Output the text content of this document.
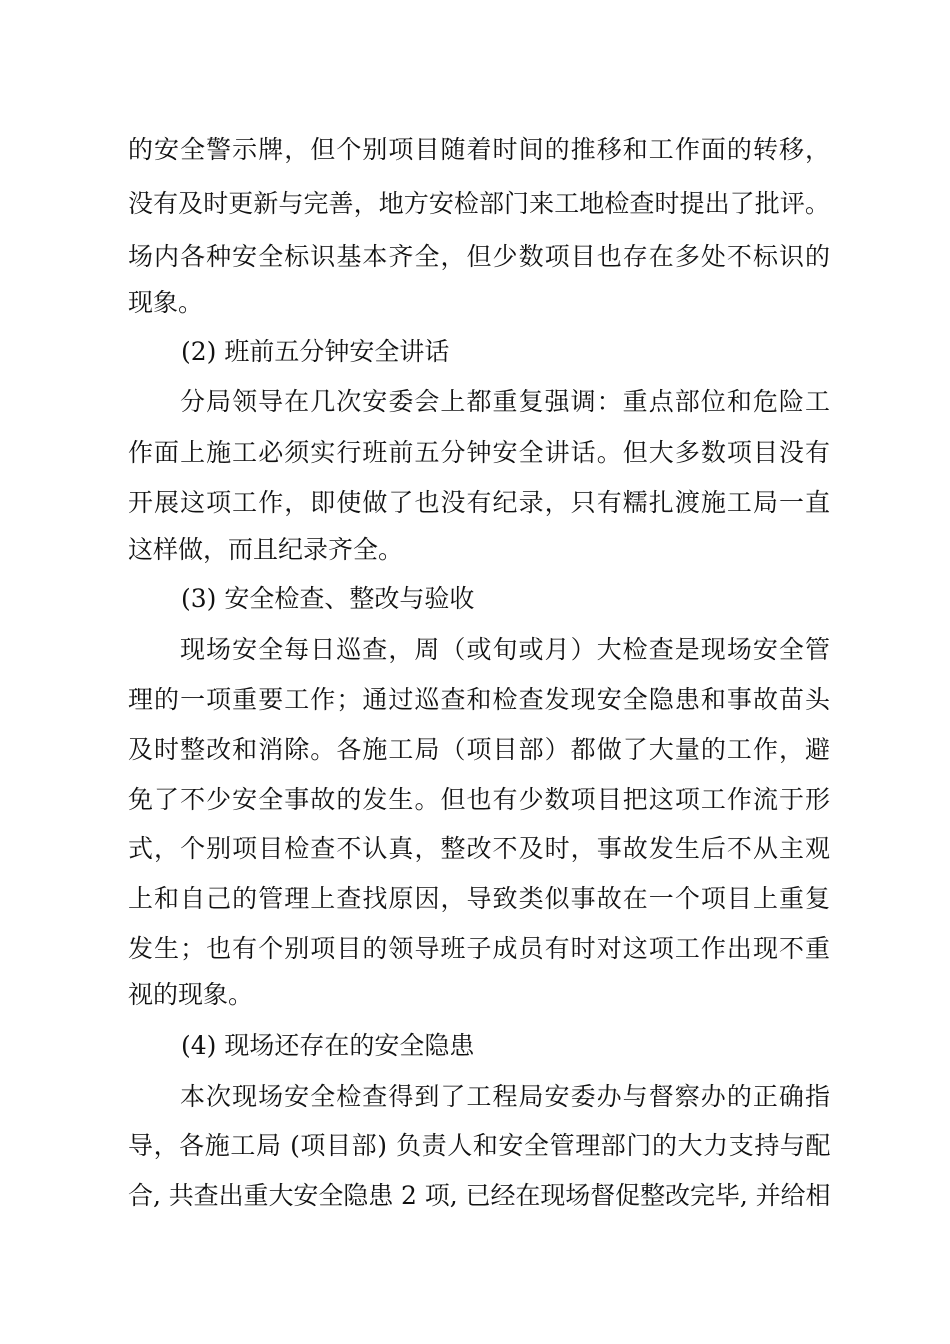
的安全警示牌，但个别项目随着时间的推移和工作面的转移，
没有及时更新与完善，地方安检部门来工地检查时提出了批评。
场内各种安全标识基本齐全，但少数项目也存在多处不标识的
现象。
(2) 班前五分钟安全讲话
分局领导在几次安委会上都重复强调：重点部位和危险工
作面上施工必须实行班前五分钟安全讲话。但大多数项目没有
开展这项工作，即使做了也没有纪录，只有糯扎渡施工局一直
这样做，而且纪录齐全。
(3) 安全检查、整改与验收
现场安全每日巡查，周（或旬或月）大检查是现场安全管
理的一项重要工作；通过巡查和检查发现安全隐患和事故苗头
及时整改和消除。各施工局（项目部）都做了大量的工作，避
免了不少安全事故的发生。但也有少数项目把这项工作流于形
式，个别项目检查不认真，整改不及时，事故发生后不从主观
上和自己的管理上查找原因，导致类似事故在一个项目上重复
发生；也有个别项目的领导班子成员有时对这项工作出现不重
视的现象。
(4) 现场还存在的安全隐患
本次现场安全检查得到了工程局安委办与督察办的正确指
导，各施工局 (项目部) 负责人和安全管理部门的大力支持与配
合, 共查出重大安全隐患 2 项, 已经在现场督促整改完毕, 并给相
